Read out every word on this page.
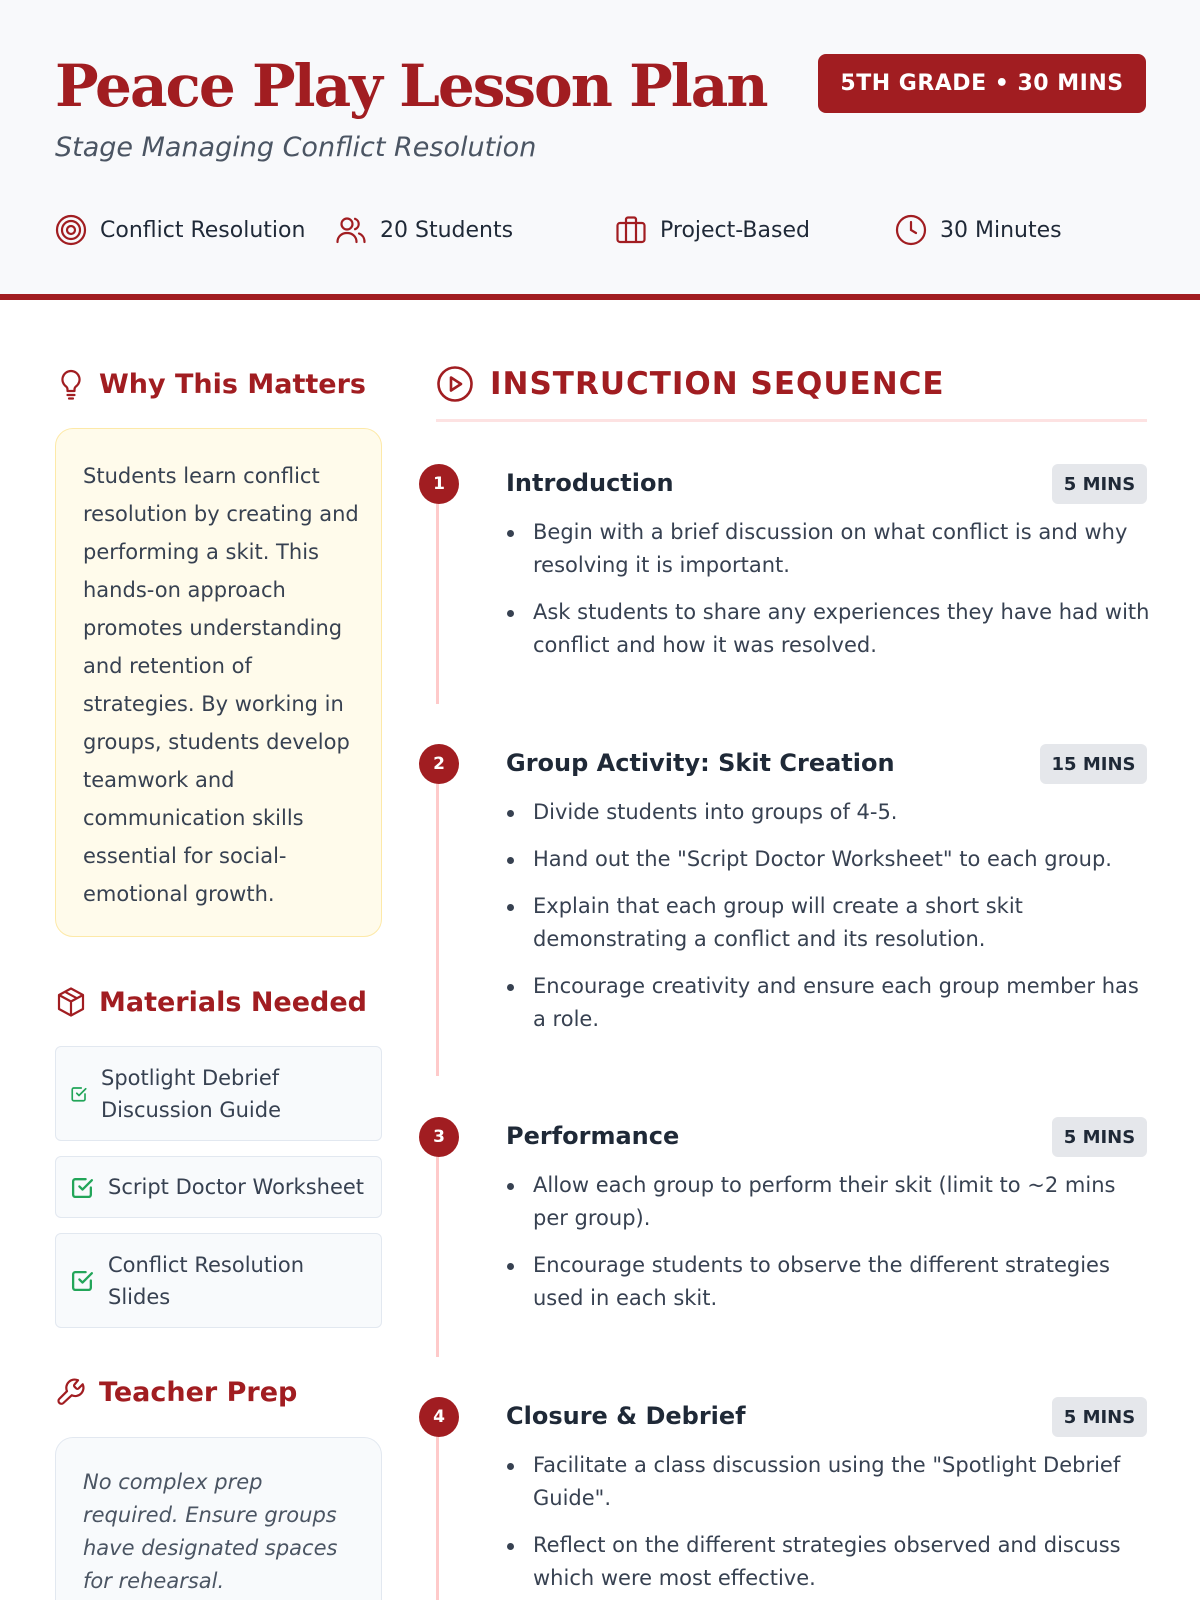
Peace Play Lesson Plan
Stage Managing Conflict Resolution
5TH GRADE • 30 MINS
Conflict Resolution	20 Students	Project-Based	30 Minutes
Why This Matters
Students learn conflict resolution by creating and performing a skit. This hands-on approach promotes understanding and retention of strategies. By working in groups, students develop teamwork and communication skills essential for social-emotional growth.
Materials Needed
Spotlight Debrief Discussion Guide
Script Doctor Worksheet
Conflict Resolution Slides
Teacher Prep
No complex prep required. Ensure groups have designated spaces for rehearsal.
INSTRUCTION SEQUENCE
1	Introduction	5 MINS
Begin with a brief discussion on what conflict is and why resolving it is important.
Ask students to share any experiences they have had with conflict and how it was resolved.
2	Group Activity: Skit Creation	15 MINS
Divide students into groups of 4-5.
Hand out the "Script Doctor Worksheet" to each group.
Explain that each group will create a short skit demonstrating a conflict and its resolution.
Encourage creativity and ensure each group member has a role.
3	Performance	5 MINS
Allow each group to perform their skit (limit to ~2 mins per group).
Encourage students to observe the different strategies used in each skit.
4	Closure & Debrief	5 MINS
Facilitate a class discussion using the "Spotlight Debrief Guide".
Reflect on the different strategies observed and discuss which were most effective.
